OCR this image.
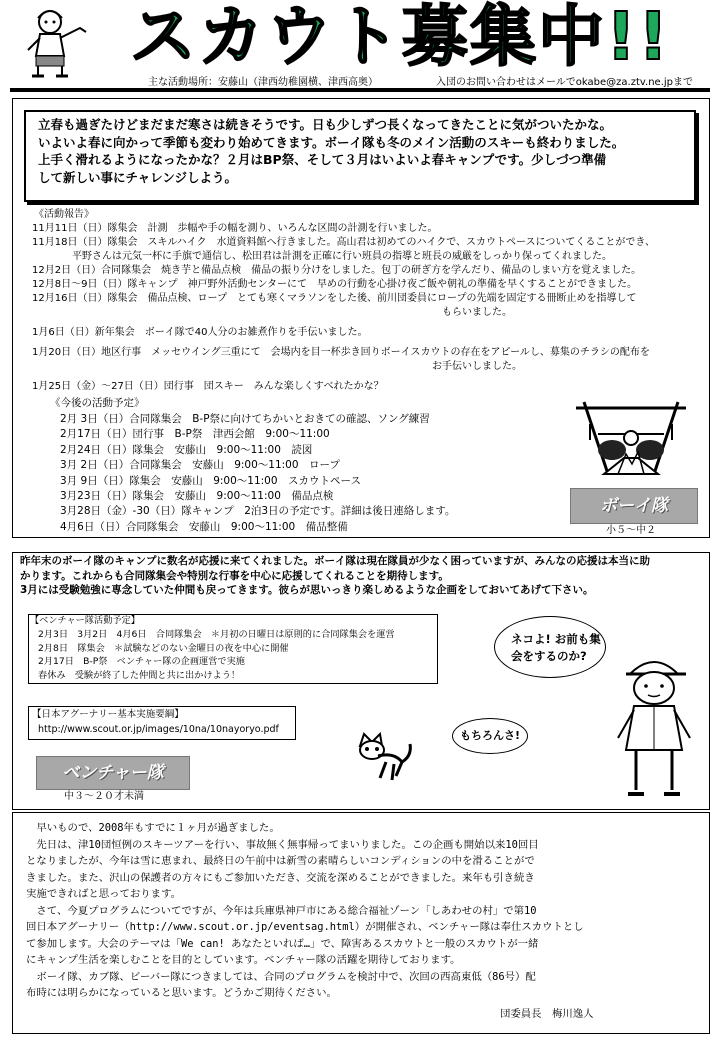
スカウト募集中!!
主な活動場所：安藤山（津西幼稚園横、津西高奥）	入団のお問い合わせはメールでokabe@za.ztv.ne.jpまで
立春も過ぎたけどまだまだ寒さは続きそうです。日も少しずつ長くなってきたことに気がついたかな。
いよいよ春に向かって季節も変わり始めてきます。ボーイ隊も冬のメイン活動のスキーも終わりました。
上手く滑れるようになったかな？２月はBP祭、そして３月はいよいよ春キャンプです。少しづつ準備
して新しい事にチャレンジしよう。
《活動報告》
11月11日（日）隊集会　計測　歩幅や手の幅を測り、いろんな区間の計測を行いました。
11月18日（日）隊集会　スキルハイク　水道資料館へ行きました。高山君は初めてのハイクで、スカウトペースについてくることができ、
　　　　平野さんは元気一杯に手旗で通信し、松田君は計測を正確に行い班員の指導と班長の威厳をしっかり保ってくれました。
12月2日（日）合同隊集会　焼き芋と備品点検　備品の振り分けをしました。包丁の研ぎ方を学んだり、備品のしまい方を覚えました。
12月8日〜9日（日）隊キャンプ　神戸野外活動センターにて　早めの行動を心掛け夜ご飯や朝礼の準備を早くすることができました。
12月16日（日）隊集会　備品点検、ロープ　とても寒くマラソンをした後、前川団委員にロープの先端を固定する冊断止めを指導して
　　　　　　　　　　　　　　　　　　　　　　　　　　　　　　　　　　　　　　　　　もらいました。
1月6日（日）新年集会　ボーイ隊で40人分のお雑煮作りを手伝いました。
1月20日（日）地区行事　メッセウイング三重にて　会場内を目一杯歩き回りボーイスカウトの存在をアピールし、募集のチラシの配布を
　　　　　　　　　　　　　　　　　　　　　　　　　　　　　　　　　　　　　　　　お手伝いしました。
1月25日（金）〜27日（日）団行事　団スキー　みんな楽しくすべれたかな？
《今後の活動予定》
2月 3日（日）合同隊集会　B-P祭に向けてちかいとおきての確認、ソング練習
2月17日（日）団行事　B-P祭　津西会館　9:00〜11:00
2月24日（日）隊集会　安藤山　9:00〜11:00　読図
3月 2日（日）合同隊集会　安藤山　9:00〜11:00　ロープ
3月 9日（日）隊集会　安藤山　9:00〜11:00　スカウトペース
3月23日（日）隊集会　安藤山　9:00〜11:00　備品点検
3月28日（金）-30（日）隊キャンプ　2泊3日の予定です。詳細は後日連絡します。
4月6日（日）合同隊集会　安藤山　9:00〜11:00　備品整備
ボーイ隊
小５〜中２
昨年末のボーイ隊のキャンプに数名が応援に来てくれました。ボーイ隊は現在隊員が少なく困っていますが、みんなの応援は本当に助
かります。これからも合同隊集会や特別な行事を中心に応援してくれることを期待します。
3月には受験勉強に専念していた仲間も戻ってきます。彼らが思いっきり楽しめるような企画をしておいてあげて下さい。
【ベンチャー隊活動予定】
2月3日　3月2日　4月6日　合同隊集会　＊月初の日曜日は原則的に合同隊集会を運営
2月8日　隊集会　＊試験などのない金曜日の夜を中心に開催
2月17日　B-P祭　ベンチャー隊の企画運営で実施
春休み　受験が終了した仲間と共に出かけよう！
【日本アグーナリー基本実施要綱】
http://www.scout.or.jp/images/10na/10nayoryo.pdf	もちろんさ!
ネコよ! お前も集
会をするのか?
ベンチャー隊
中３〜２０才未満
　早いもので、2008年もすでに１ヶ月が過ぎました。
　先日は、津10団恒例のスキーツアーを行い、事故無く無事帰ってまいりました。この企画も開始以来10回目
となりましたが、今年は雪に恵まれ、最終日の午前中は新雪の素晴らしいコンディションの中を滑ることがで
きました。また、沢山の保護者の方々にもご参加いただき、交流を深めることができました。来年も引き続き
実施できればと思っております。
　さて、今夏プログラムについてですが、今年は兵庫県神戸市にある総合福祉ゾーン「しあわせの村」で第10
回日本アグーナリー（http://www.scout.or.jp/eventsag.html）が開催され、ベンチャー隊は奉仕スカウトとし
て参加します。大会のテーマは「We can! あなたといれば…」で、障害あるスカウトと一般のスカウトが一緒
にキャンプ生活を楽しむことを目的としています。ベンチャー隊の活躍を期待しております。
　ボーイ隊、カブ隊、ビーバー隊につきましては、合同のプログラムを検討中で、次回の西高東低（86号）配
布時には明らかになっていると思います。どうかご期待ください。
団委員長　梅川逸人
